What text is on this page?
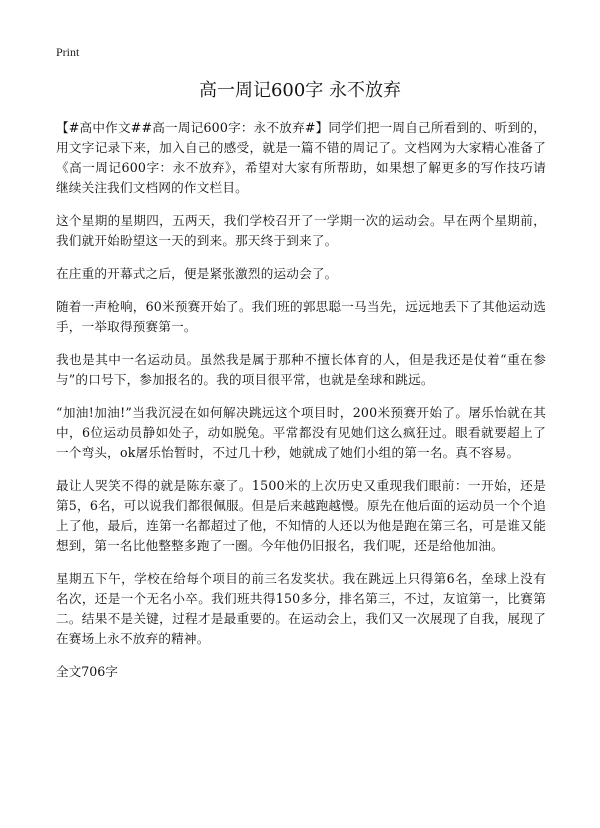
Print
高一周记600字 永不放弃

【#高中作文##高一周记600字：永不放弃#】同学们把一周自己所看到的、听到的，用文字记录下来，加入自己的感受，就是一篇不错的周记了。文档网为大家精心准备了《高一周记600字：永不放弃》，希望对大家有所帮助，如果想了解更多的写作技巧请继续关注我们文档网的作文栏目。

这个星期的星期四，五两天，我们学校召开了一学期一次的运动会。早在两个星期前，我们就开始盼望这一天的到来。那天终于到来了。

在庄重的开幕式之后，便是紧张激烈的运动会了。

随着一声枪响，60米预赛开始了。我们班的郭思聪一马当先，远远地丢下了其他运动选手，一举取得预赛第一。

我也是其中一名运动员。虽然我是属于那种不擅长体育的人，但是我还是仗着“重在参与”的口号下，参加报名的。我的项目很平常，也就是垒球和跳远。

“加油!加油!”当我沉浸在如何解决跳远这个项目时，200米预赛开始了。屠乐怡就在其中，6位运动员静如处子，动如脱兔。平常都没有见她们这么疯狂过。眼看就要超上了一个弯头，ok屠乐怡暂时，不过几十秒，她就成了她们小组的第一名。真不容易。

最让人哭笑不得的就是陈东豪了。1500米的上次历史又重现我们眼前：一开始，还是第5，6名，可以说我们都很佩服。但是后来越跑越慢。原先在他后面的运动员一个个追上了他，最后，连第一名都超过了他，不知情的人还以为他是跑在第三名，可是谁又能想到，第一名比他整整多跑了一圈。今年他仍旧报名，我们呢，还是给他加油。

星期五下午，学校在给每个项目的前三名发奖状。我在跳远上只得第6名，垒球上没有名次，还是一个无名小卒。我们班共得150多分，排名第三，不过，友谊第一，比赛第二。结果不是关键，过程才是最重要的。在运动会上，我们又一次展现了自我，展现了在赛场上永不放弃的精神。

全文706字
